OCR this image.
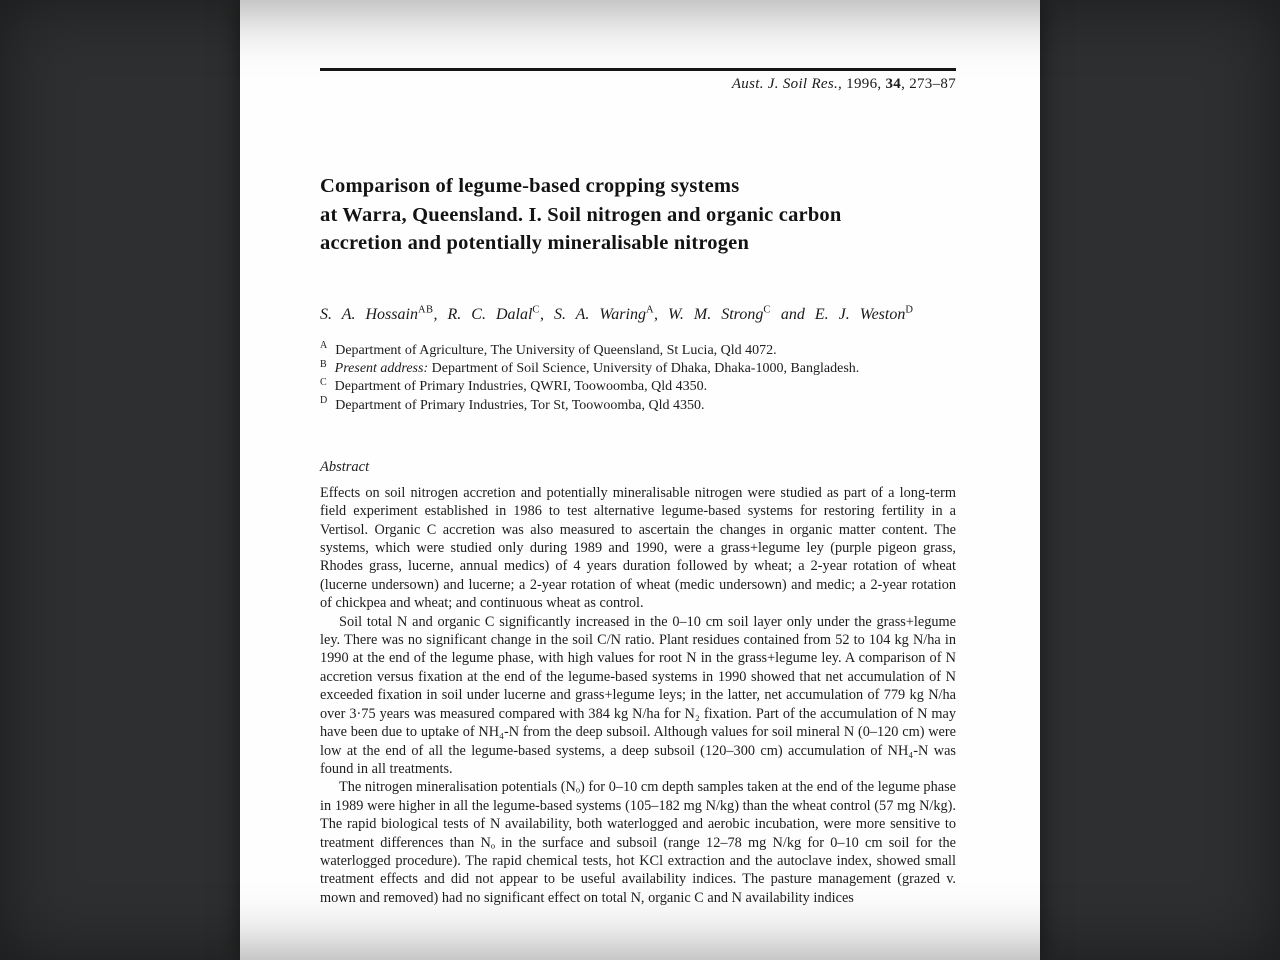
Aust. J. Soil Res., 1996, 34, 273–87
Comparison of legume-based cropping systems
at Warra, Queensland. I. Soil nitrogen and organic carbon
accretion and potentially mineralisable nitrogen
S. A. Hossain$^{AB}$, R. C. Dalal$^C$, S. A. Waring$^A$, W. M. Strong$^C$ and E. J. Weston$^D$
$^A$ Department of Agriculture, The University of Queensland, St Lucia, Qld 4072.
$^B$ Present address: Department of Soil Science, University of Dhaka, Dhaka-1000, Bangladesh.
$^C$ Department of Primary Industries, QWRI, Toowoomba, Qld 4350.
$^D$ Department of Primary Industries, Tor St, Toowoomba, Qld 4350.
Abstract

Effects on soil nitrogen accretion and potentially mineralisable nitrogen were studied as part of a long-term field experiment established in 1986 to test alternative legume-based systems for restoring fertility in a Vertisol. Organic C accretion was also measured to ascertain the changes in organic matter content. The systems, which were studied only during 1989 and 1990, were a grass+legume ley (purple pigeon grass, Rhodes grass, lucerne, annual medics) of 4 years duration followed by wheat; a 2-year rotation of wheat (lucerne undersown) and lucerne; a 2-year rotation of wheat (medic undersown) and medic; a 2-year rotation of chickpea and wheat; and continuous wheat as control.

Soil total N and organic C significantly increased in the 0–10 cm soil layer only under the grass+legume ley. There was no significant change in the soil C/N ratio. Plant residues contained from 52 to 104 kg N/ha in 1990 at the end of the legume phase, with high values for root N in the grass+legume ley. A comparison of N accretion versus fixation at the end of the legume-based systems in 1990 showed that net accumulation of N exceeded fixation in soil under lucerne and grass+legume leys; in the latter, net accumulation of 779 kg N/ha over 3·75 years was measured compared with 384 kg N/ha for N₂ fixation. Part of the accumulation of N may have been due to uptake of NH₄-N from the deep subsoil. Although values for soil mineral N (0–120 cm) were low at the end of all the legume-based systems, a deep subsoil (120–300 cm) accumulation of NH₄-N was found in all treatments.

The nitrogen mineralisation potentials (Nₒ) for 0–10 cm depth samples taken at the end of the legume phase in 1989 were higher in all the legume-based systems (105–182 mg N/kg) than the wheat control (57 mg N/kg). The rapid biological tests of N availability, both waterlogged and aerobic incubation, were more sensitive to treatment differences than Nₒ in the surface and subsoil (range 12–78 mg N/kg for 0–10 cm soil for the waterlogged procedure). The rapid chemical tests, hot KCl extraction and the autoclave index, showed small treatment effects and did not appear to be useful availability indices. The pasture management (grazed v. mown and removed) had no significant effect on total N, organic C and N availability indices
